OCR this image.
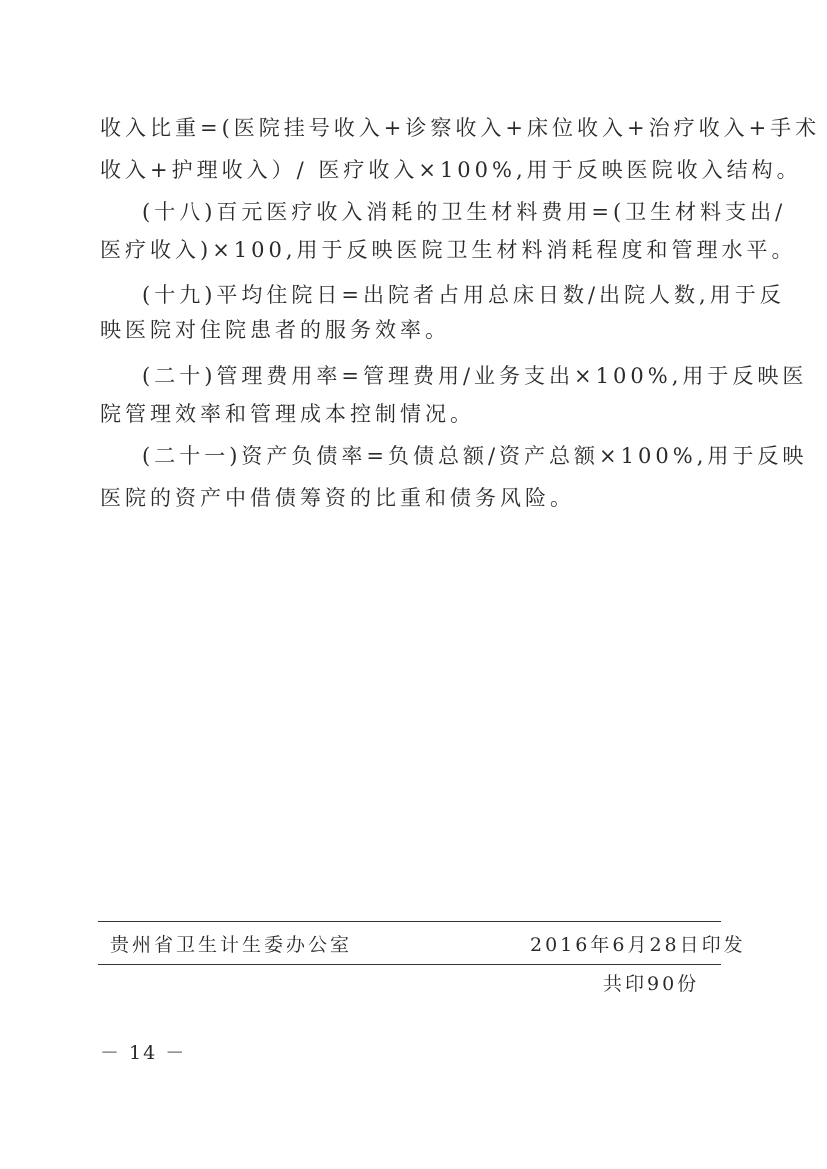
收入比重=(医院挂号收入+诊察收入+床位收入+治疗收入+手术
收入+护理收入）/ 医疗收入×100%,用于反映医院收入结构。
(十八)百元医疗收入消耗的卫生材料费用=(卫生材料支出/
医疗收入)×100,用于反映医院卫生材料消耗程度和管理水平。
(十九)平均住院日=出院者占用总床日数/出院人数,用于反
映医院对住院患者的服务效率。
(二十)管理费用率=管理费用/业务支出×100%,用于反映医
院管理效率和管理成本控制情况。
(二十一)资产负债率=负债总额/资产总额×100%,用于反映
医院的资产中借债筹资的比重和债务风险。
贵州省卫生计生委办公室	2016年6月28日印发
共印90份
－ 14 －
